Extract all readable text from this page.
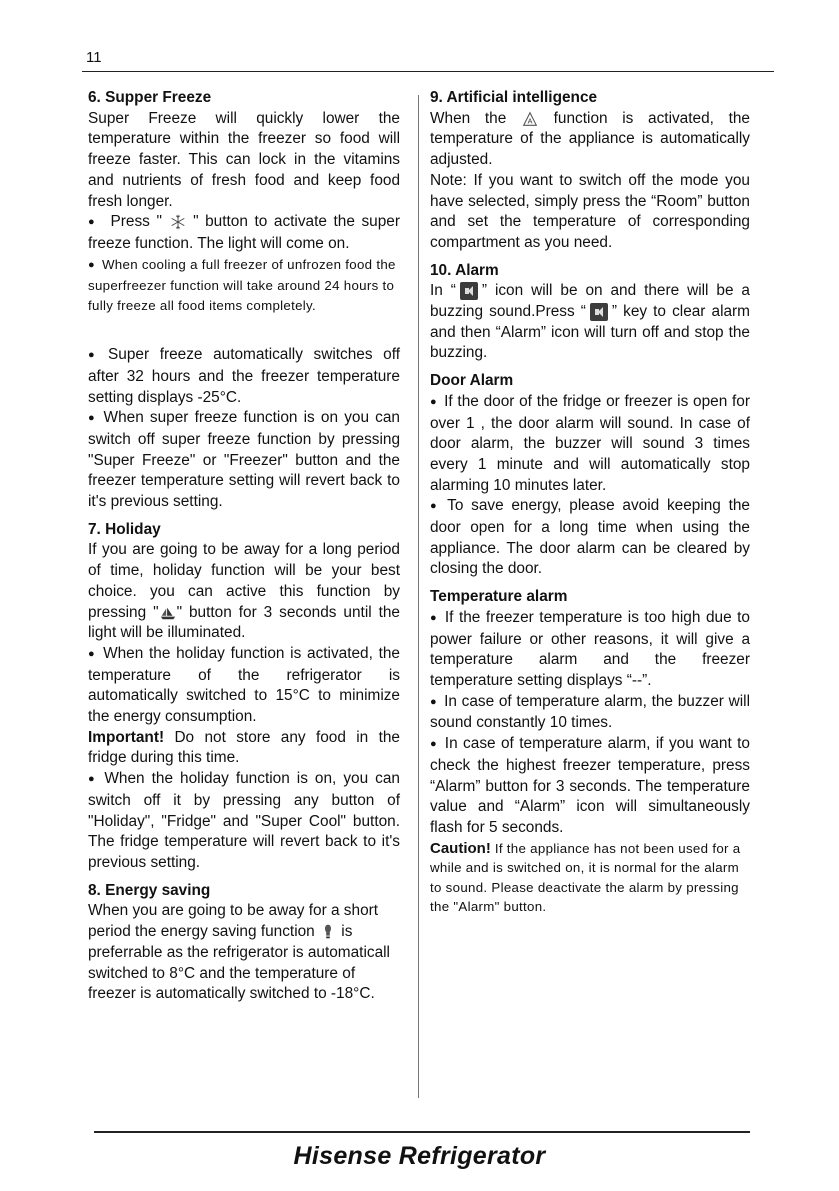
11
6. Supper Freeze

Super Freeze will quickly lower the temperature within the freezer so food will freeze faster. This can lock in the vitamins and nutrients of fresh food and keep food fresh longer.

● Press " " button to activate the super freeze function. The light will come on.

● When cooling a full freezer of unfrozen food the superfreezer function will take around 24 hours to fully freeze all food items completely.

● Super freeze automatically switches off after 32 hours and the freezer temperature setting displays -25°C.

● When super freeze function is on you can switch off super freeze function by pressing "Super Freeze" or "Freezer" button and the freezer temperature setting will revert back to it's previous setting.

7. Holiday

If you are going to be away for a long period of time, holiday function will be your best choice. you can active this function by pressing " " button for 3 seconds until the light will be illuminated.

● When the holiday function is activated, the temperature of the refrigerator is automatically switched to 15°C to minimize the energy consumption.

Important! Do not store any food in the fridge during this time.

● When the holiday function is on, you can switch off it by pressing any button of "Holiday", "Fridge" and "Super Cool" button. The fridge temperature will revert back to it's previous setting.

8. Energy saving

When you are going to be away for a short period the energy saving function is preferrable as the refrigerator is automaticall switched to 8°C and the temperature of freezer is automatically switched to -18°C.

9. Artificial intelligence

When the	A function is activated, the temperature of the appliance is automatically adjusted.

Note: If you want to switch off the mode you have selected, simply press the “Room” button and set the temperature of corresponding compartment as you need.

10. Alarm

In “ ” icon will be on and there will be a buzzing sound.Press “ ” key to clear alarm and then “Alarm” icon will turn off and stop the buzzing.

Door Alarm

● If the door of the fridge or freezer is open for over 1 , the door alarm will sound. In case of door alarm, the buzzer will sound 3 times every 1 minute and will automatically stop alarming 10 minutes later.

● To save energy, please avoid keeping the door open for a long time when using the appliance. The door alarm can be cleared by closing the door.

Temperature alarm

● If the freezer temperature is too high due to power failure or other reasons, it will give a temperature alarm and the freezer temperature setting displays “--”.

● In case of temperature alarm, the buzzer will sound constantly 10 times.

● In case of temperature alarm, if you want to check the highest freezer temperature, press “Alarm” button for 3 seconds. The temperature value and “Alarm” icon will simultaneously flash for 5 seconds.

Caution! If the appliance has not been used for a while and is switched on, it is normal for the alarm to sound. Please deactivate the alarm by pressing the "Alarm" button.

Hisense Refrigerator
